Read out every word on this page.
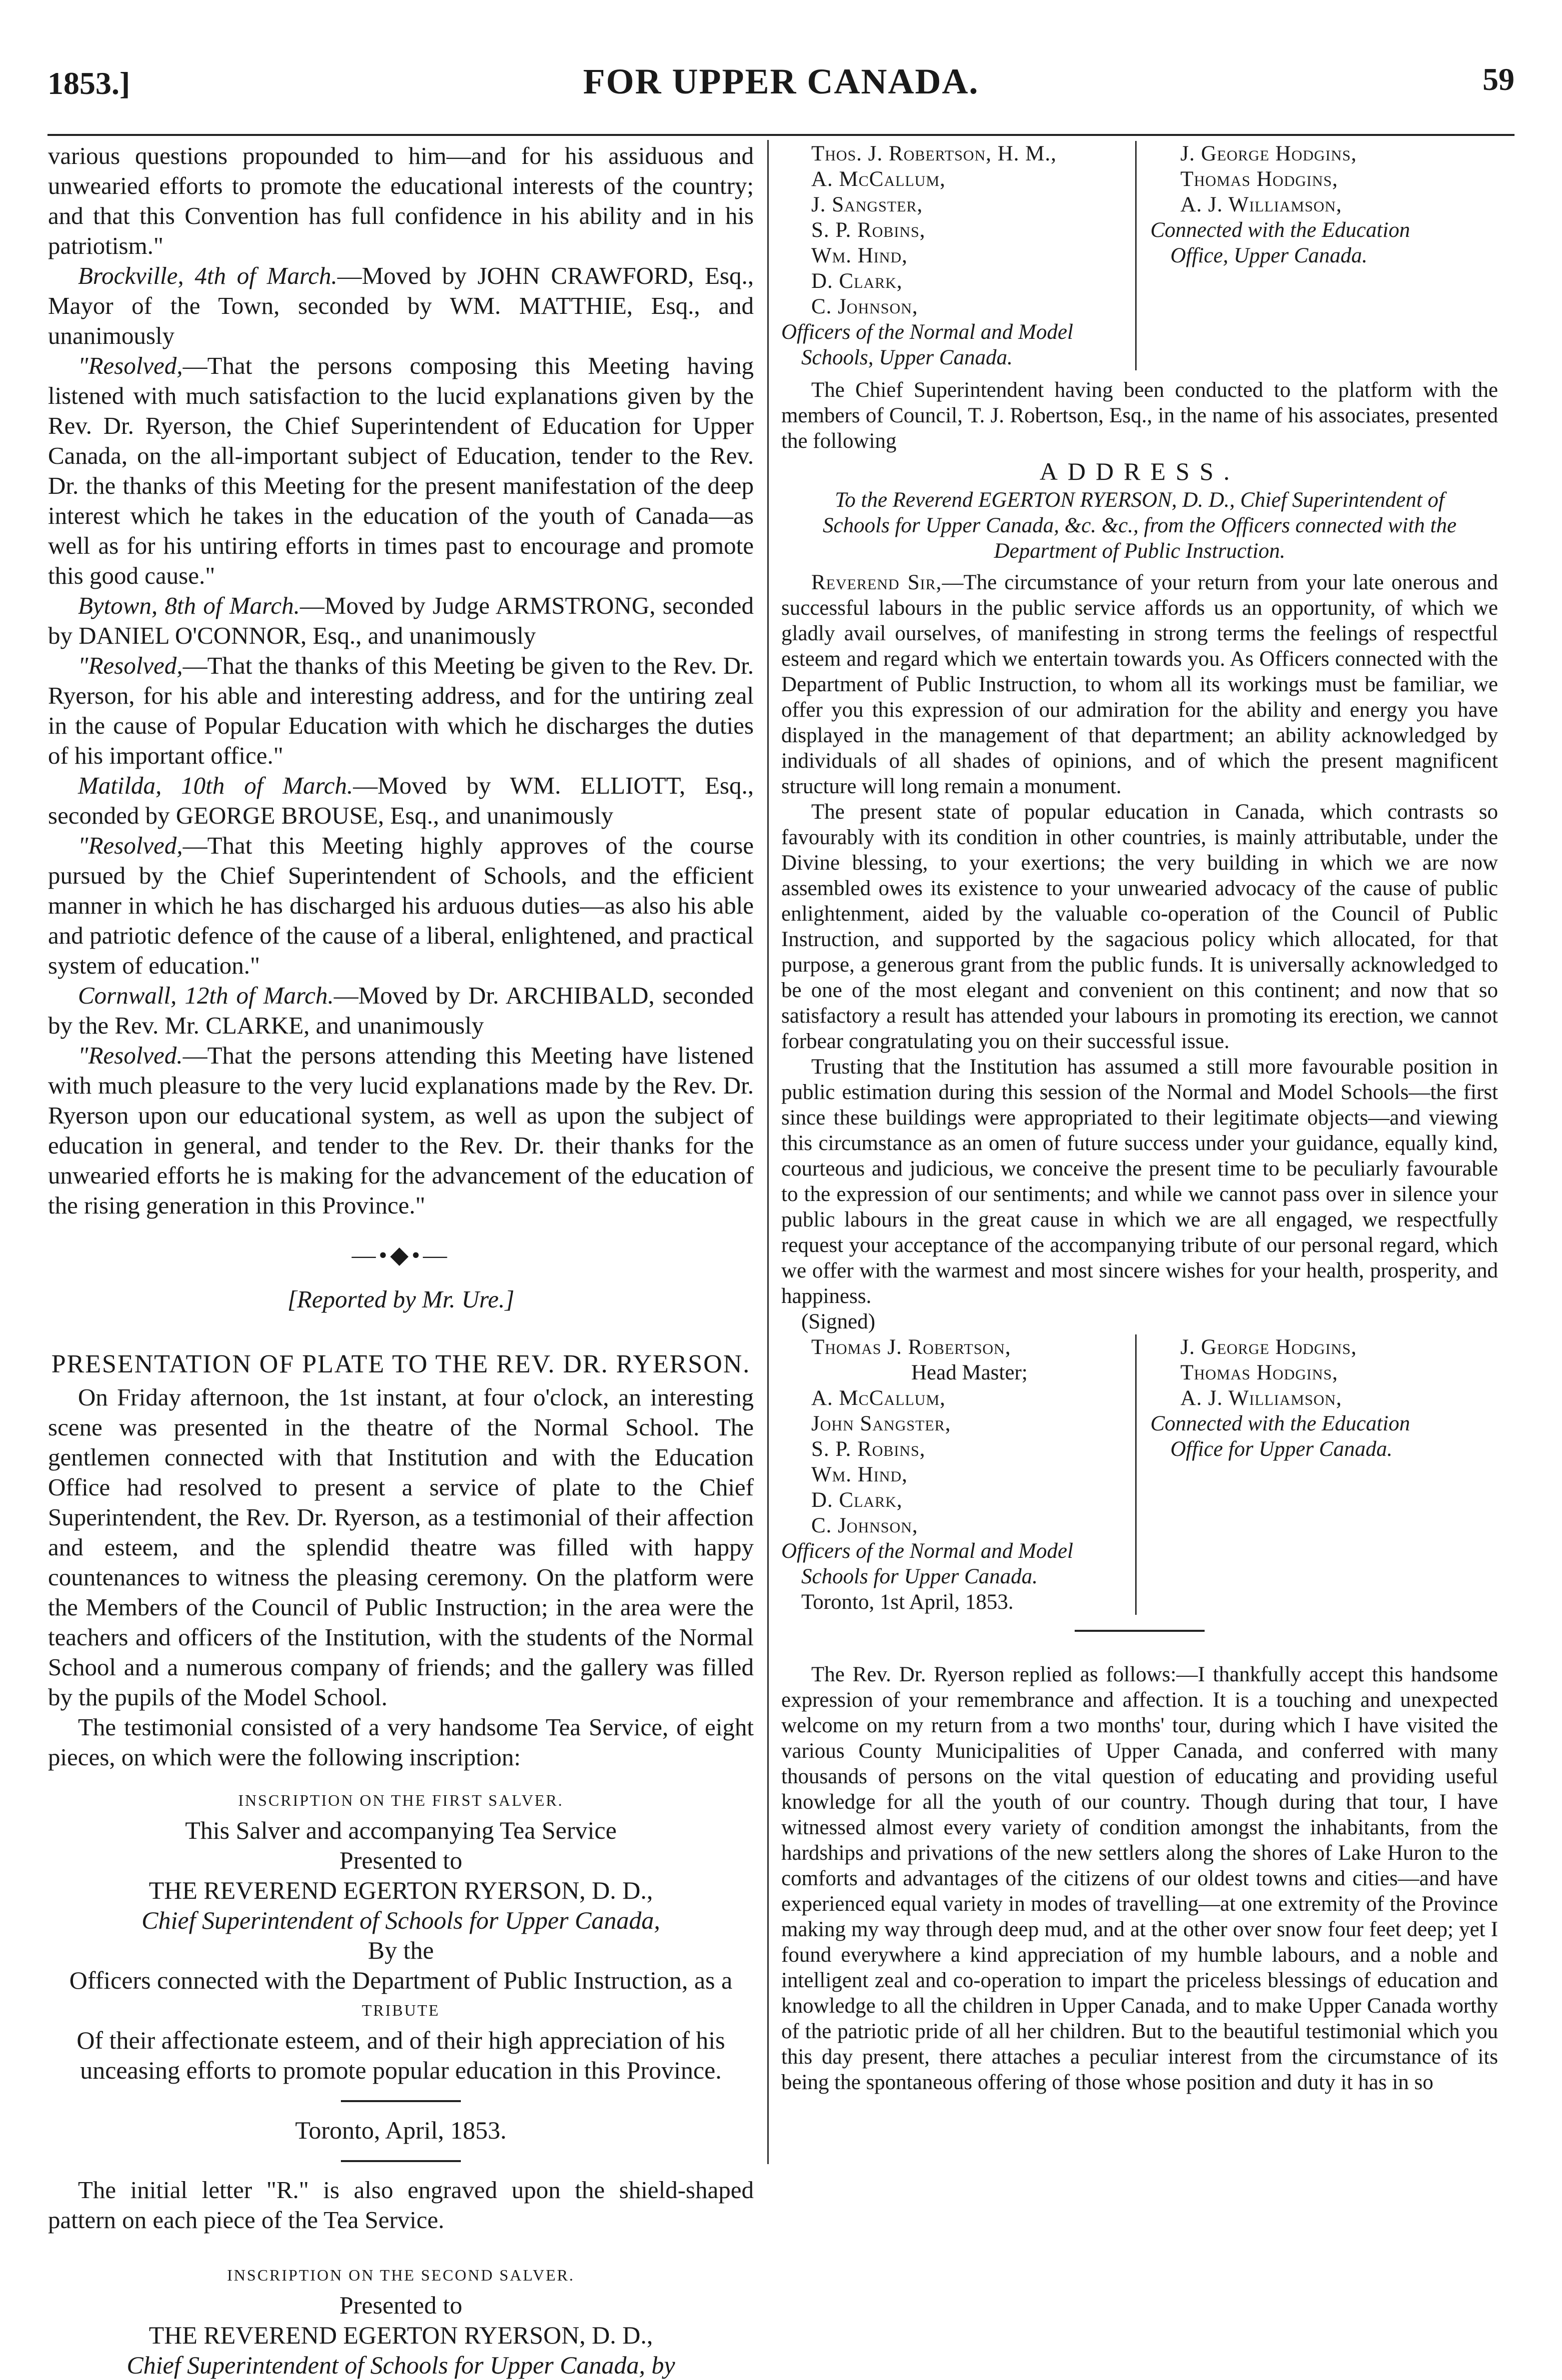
1853.]	FOR UPPER CANADA.	59

various questions propounded to him—and for his assiduous and unwearied efforts to promote the educational interests of the country; and that this Convention has full confidence in his ability and in his patriotism."

Brockville, 4th of March.—Moved by JOHN CRAWFORD, Esq., Mayor of the Town, seconded by WM. MATTHIE, Esq., and unanimously

"Resolved,—That the persons composing this Meeting having listened with much satisfaction to the lucid explanations given by the Rev. Dr. Ryerson, the Chief Superintendent of Education for Upper Canada, on the all-important subject of Education, tender to the Rev. Dr. the thanks of this Meeting for the present manifestation of the deep interest which he takes in the education of the youth of Canada—as well as for his untiring efforts in times past to encourage and promote this good cause."

Bytown, 8th of March.—Moved by Judge ARMSTRONG, seconded by DANIEL O'CONNOR, Esq., and unanimously

"Resolved,—That the thanks of this Meeting be given to the Rev. Dr. Ryerson, for his able and interesting address, and for the untiring zeal in the cause of Popular Education with which he discharges the duties of his important office."

Matilda, 10th of March.—Moved by WM. ELLIOTT, Esq., seconded by GEORGE BROUSE, Esq., and unanimously

"Resolved,—That this Meeting highly approves of the course pursued by the Chief Superintendent of Schools, and the efficient manner in which he has discharged his arduous duties—as also his able and patriotic defence of the cause of a liberal, enlightened, and practical system of education."

Cornwall, 12th of March.—Moved by Dr. ARCHIBALD, seconded by the Rev. Mr. CLARKE, and unanimously

"Resolved.—That the persons attending this Meeting have listened with much pleasure to the very lucid explanations made by the Rev. Dr. Ryerson upon our educational system, as well as upon the subject of education in general, and tender to the Rev. Dr. their thanks for the unwearied efforts he is making for the advancement of the education of the rising generation in this Province."

—•◆•—
[Reported by Mr. Ure.]
PRESENTATION OF PLATE TO THE REV. DR. RYERSON.

On Friday afternoon, the 1st instant, at four o'clock, an interesting scene was presented in the theatre of the Normal School. The gentlemen connected with that Institution and with the Education Office had resolved to present a service of plate to the Chief Superintendent, the Rev. Dr. Ryerson, as a testimonial of their affection and esteem, and the splendid theatre was filled with happy countenances to witness the pleasing ceremony. On the platform were the Members of the Council of Public Instruction; in the area were the teachers and officers of the Institution, with the students of the Normal School and a numerous company of friends; and the gallery was filled by the pupils of the Model School.

The testimonial consisted of a very handsome Tea Service, of eight pieces, on which were the following inscription:

INSCRIPTION ON THE FIRST SALVER.
This Salver and accompanying Tea Service
Presented to
THE REVEREND EGERTON RYERSON, D. D.,
Chief Superintendent of Schools for Upper Canada,
By the
Officers connected with the Department of Public Instruction, as a
TRIBUTE
Of their affectionate esteem, and of their high appreciation of his unceasing efforts to promote popular education in this Province.
Toronto, April, 1853.

The initial letter "R." is also engraved upon the shield-shaped pattern on each piece of the Tea Service.

INSCRIPTION ON THE SECOND SALVER.
Presented to
THE REVEREND EGERTON RYERSON, D. D.,
Chief Superintendent of Schools for Upper Canada, by
Thos. J. Robertson, H. M.,
A. McCallum,
J. Sangster,
S. P. Robins,
Wm. Hind,
D. Clark,
C. Johnson,
Officers of the Normal and Model
Schools, Upper Canada.
J. George Hodgins,
Thomas Hodgins,
A. J. Williamson,
Connected with the Education
Office, Upper Canada.

The Chief Superintendent having been conducted to the platform with the members of Council, T. J. Robertson, Esq., in the name of his associates, presented the following

ADDRESS.
To the Reverend EGERTON RYERSON, D. D., Chief Superintendent of Schools for Upper Canada, &c. &c., from the Officers connected with the Department of Public Instruction.

Reverend Sir,—The circumstance of your return from your late onerous and successful labours in the public service affords us an opportunity, of which we gladly avail ourselves, of manifesting in strong terms the feelings of respectful esteem and regard which we entertain towards you. As Officers connected with the Department of Public Instruction, to whom all its workings must be familiar, we offer you this expression of our admiration for the ability and energy you have displayed in the management of that department; an ability acknowledged by individuals of all shades of opinions, and of which the present magnificent structure will long remain a monument.

The present state of popular education in Canada, which contrasts so favourably with its condition in other countries, is mainly attributable, under the Divine blessing, to your exertions; the very building in which we are now assembled owes its existence to your unwearied advocacy of the cause of public enlightenment, aided by the valuable co-operation of the Council of Public Instruction, and supported by the sagacious policy which allocated, for that purpose, a generous grant from the public funds. It is universally acknowledged to be one of the most elegant and convenient on this continent; and now that so satisfactory a result has attended your labours in promoting its erection, we cannot forbear congratulating you on their successful issue.

Trusting that the Institution has assumed a still more favourable position in public estimation during this session of the Normal and Model Schools—the first since these buildings were appropriated to their legitimate objects—and viewing this circumstance as an omen of future success under your guidance, equally kind, courteous and judicious, we conceive the present time to be peculiarly favourable to the expression of our sentiments; and while we cannot pass over in silence your public labours in the great cause in which we are all engaged, we respectfully request your acceptance of the accompanying tribute of our personal regard, which we offer with the warmest and most sincere wishes for your health, prosperity, and happiness.

(Signed)
Thomas J. Robertson,
Head Master;
A. McCallum,
John Sangster,
S. P. Robins,
Wm. Hind,
D. Clark,
C. Johnson,
Officers of the Normal and Model
Schools for Upper Canada.
Toronto, 1st April, 1853.
J. George Hodgins,
Thomas Hodgins,
A. J. Williamson,
Connected with the Education
Office for Upper Canada.

The Rev. Dr. Ryerson replied as follows:—I thankfully accept this handsome expression of your remembrance and affection. It is a touching and unexpected welcome on my return from a two months' tour, during which I have visited the various County Municipalities of Upper Canada, and conferred with many thousands of persons on the vital question of educating and providing useful knowledge for all the youth of our country. Though during that tour, I have witnessed almost every variety of condition amongst the inhabitants, from the hardships and privations of the new settlers along the shores of Lake Huron to the comforts and advantages of the citizens of our oldest towns and cities—and have experienced equal variety in modes of travelling—at one extremity of the Province making my way through deep mud, and at the other over snow four feet deep; yet I found everywhere a kind appreciation of my humble labours, and a noble and intelligent zeal and co-operation to impart the priceless blessings of education and knowledge to all the children in Upper Canada, and to make Upper Canada worthy of the patriotic pride of all her children. But to the beautiful testimonial which you this day present, there attaches a peculiar interest from the circumstance of its being the spontaneous offering of those whose position and duty it has in so
